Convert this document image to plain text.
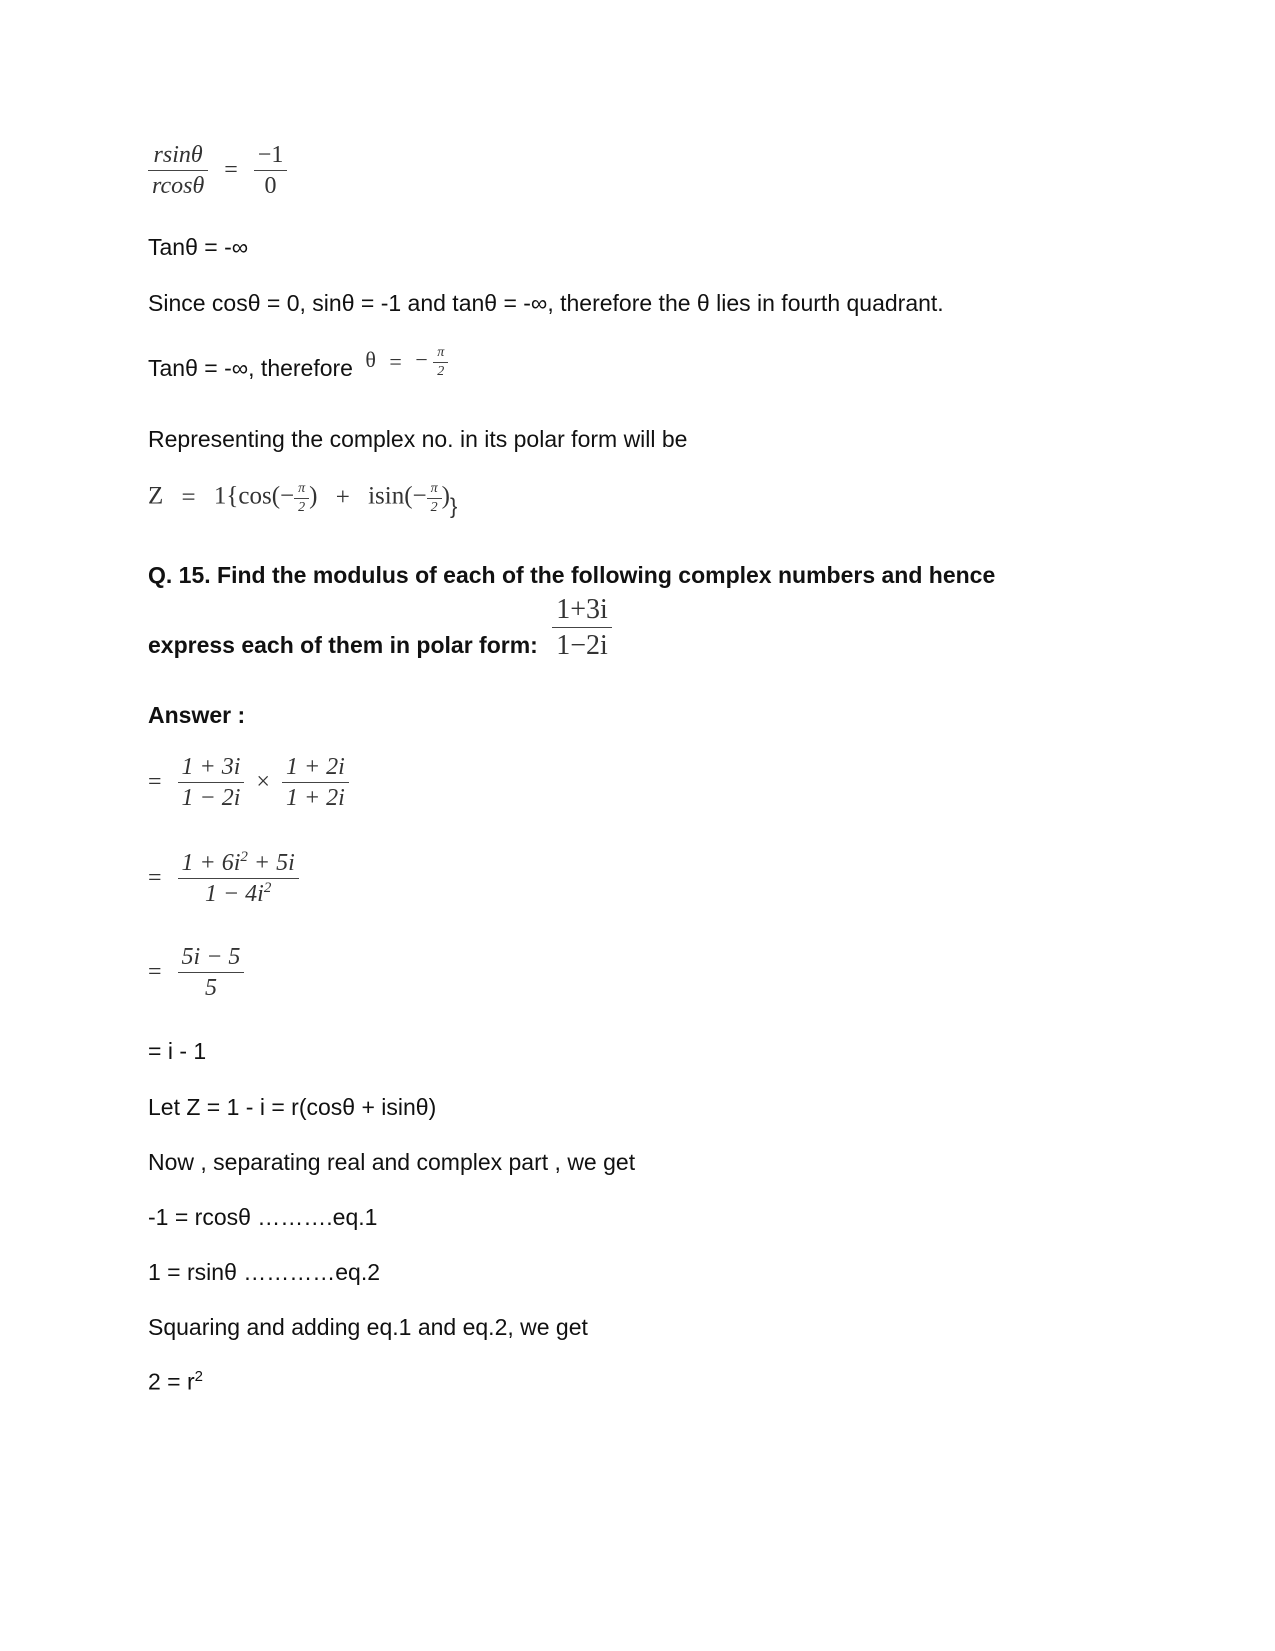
$\frac{rsin\theta}{rcos\theta} = \frac{-1}{0}$
Tanθ = -∞
Since cosθ = 0, sinθ = -1 and tanθ = -∞, therefore the θ lies in fourth quadrant.
Tanθ = -∞, therefore θ = − $\frac{\pi}{2}$
Representing the complex no. in its polar form will be
$Z = 1\{\cos(- \frac{\pi}{2}$ ) + $isin(- \frac{\pi}{2}$ )}
Q. 15. Find the modulus of each of the following complex numbers and hence
express each of them in polar form: $\frac{1+3i}{1-2i}$
Answer :
= $\frac{1 + 3i}{1 - 2i} \times \frac{1 + 2i}{1 + 2i}$
= $\frac{1 + 6i^2 + 5i}{1 - 4i^2}$
= $\frac{5i - 5}{5}$
= i - 1
Let Z = 1 - i = r(cosθ + isinθ)
Now , separating real and complex part , we get
-1 = rcosθ ……….eq.1
1 = rsinθ …………eq.2
Squaring and adding eq.1 and eq.2, we get
$2 = r^2$
